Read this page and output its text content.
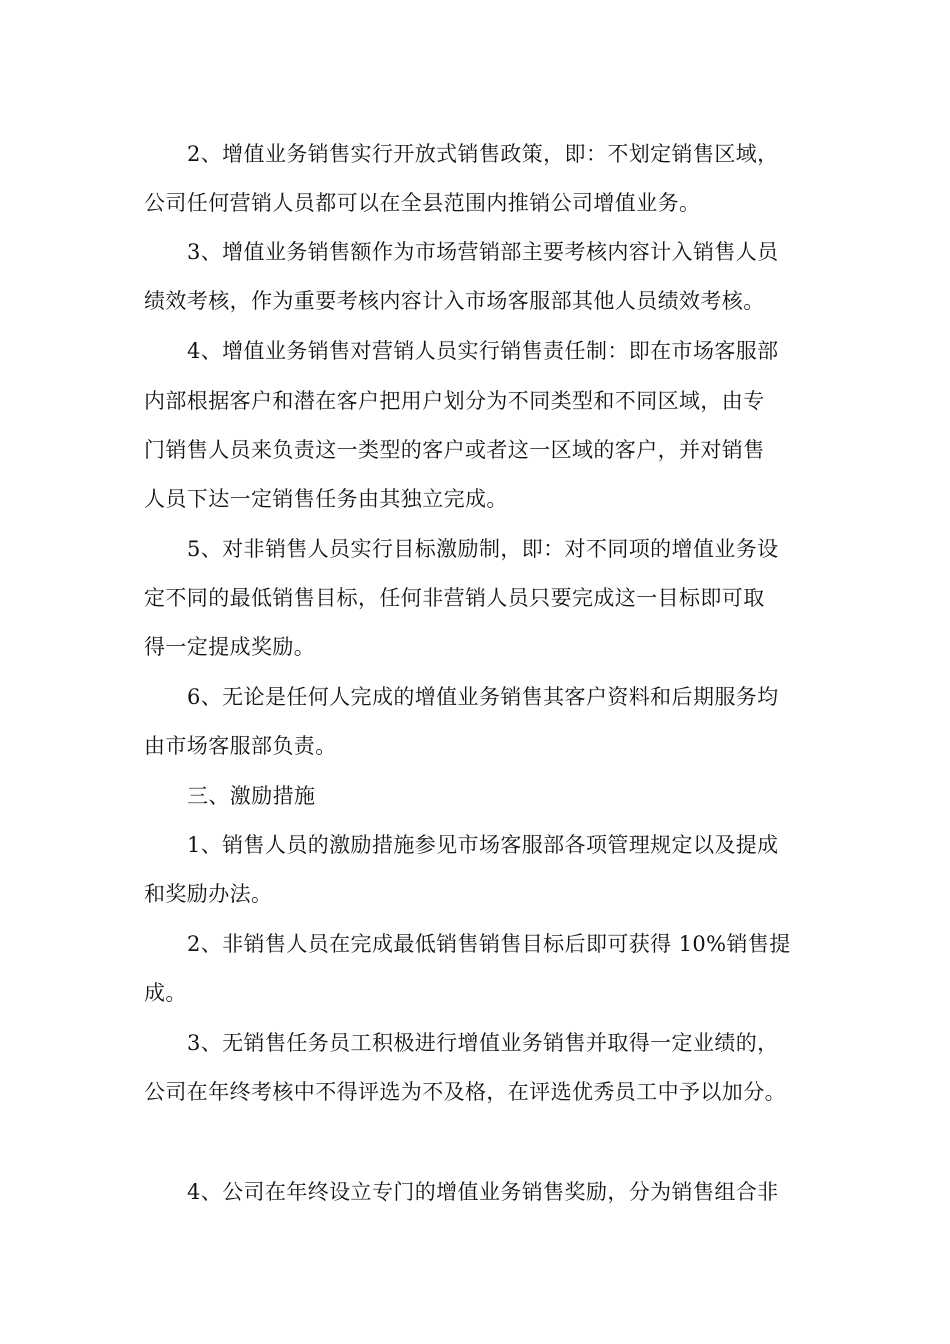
2、增值业务销售实行开放式销售政策，即：不划定销售区域，
公司任何营销人员都可以在全县范围内推销公司增值业务。
3、增值业务销售额作为市场营销部主要考核内容计入销售人员
绩效考核，作为重要考核内容计入市场客服部其他人员绩效考核。
4、增值业务销售对营销人员实行销售责任制：即在市场客服部
内部根据客户和潜在客户把用户划分为不同类型和不同区域，由专
门销售人员来负责这一类型的客户或者这一区域的客户，并对销售
人员下达一定销售任务由其独立完成。
5、对非销售人员实行目标激励制，即：对不同项的增值业务设
定不同的最低销售目标，任何非营销人员只要完成这一目标即可取
得一定提成奖励。
6、无论是任何人完成的增值业务销售其客户资料和后期服务均
由市场客服部负责。
三、激励措施
1、销售人员的激励措施参见市场客服部各项管理规定以及提成
和奖励办法。
2、非销售人员在完成最低销售销售目标后即可获得 10%销售提
成。
3、无销售任务员工积极进行增值业务销售并取得一定业绩的，
公司在年终考核中不得评选为不及格，在评选优秀员工中予以加分。
4、公司在年终设立专门的增值业务销售奖励，分为销售组合非
